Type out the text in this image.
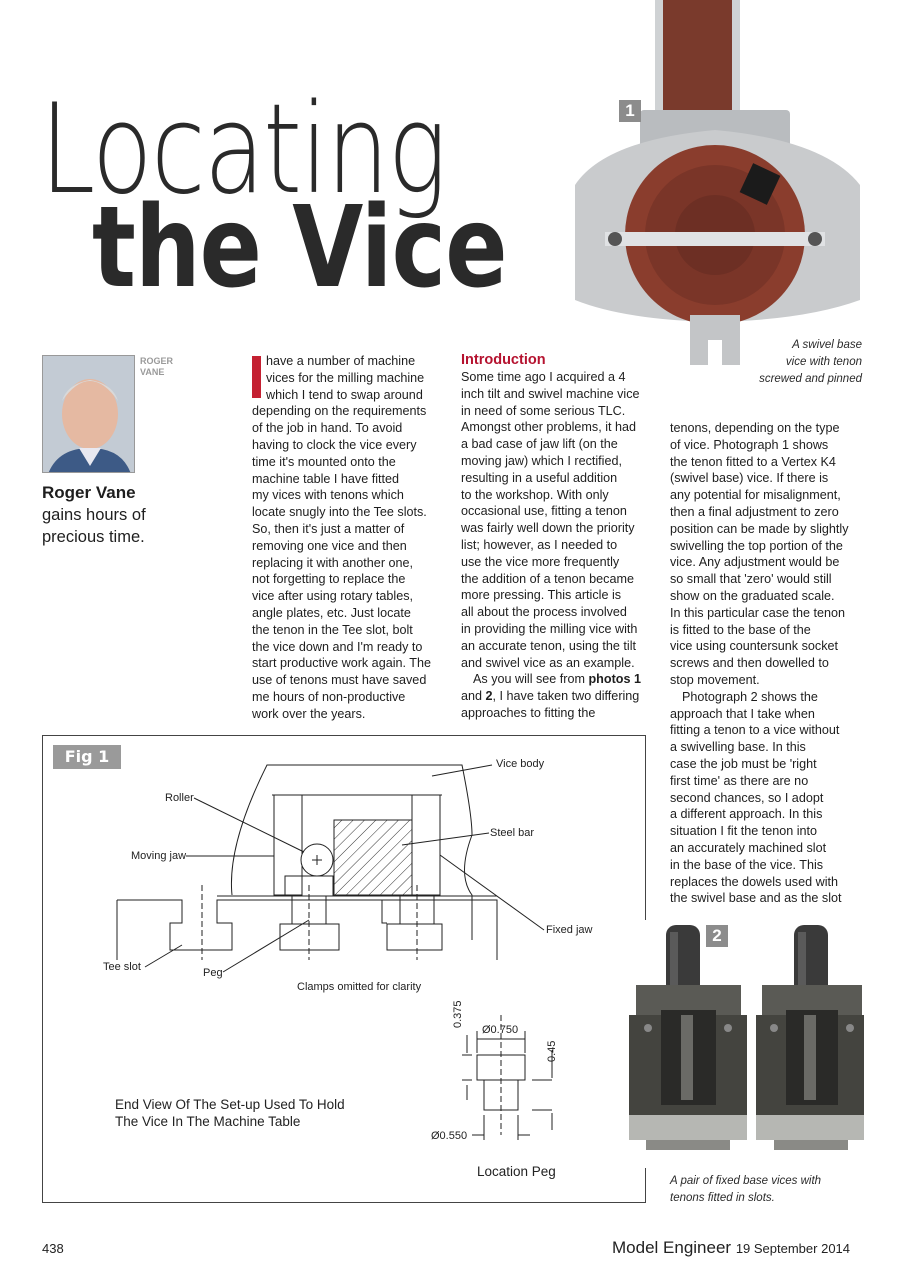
Locating
the Vice
1
A swivel base
vice with tenon
screwed and pinned
ROGER
VANE
Roger Vane
gains hours of
precious time.
have a number of machine
vices for the milling machine
which I tend to swap around
depending on the requirements
of the job in hand. To avoid
having to clock the vice every
time it's mounted onto the
machine table I have fitted
my vices with tenons which
locate snugly into the Tee slots.
So, then it's just a matter of
removing one vice and then
replacing it with another one,
not forgetting to replace the
vice after using rotary tables,
angle plates, etc. Just locate
the tenon in the Tee slot, bolt
the vice down and I'm ready to
start productive work again. The
use of tenons must have saved
me hours of non-productive
work over the years.
Introduction
Some time ago I acquired a 4
inch tilt and swivel machine vice
in need of some serious TLC.
Amongst other problems, it had
a bad case of jaw lift (on the
moving jaw) which I rectified,
resulting in a useful addition
to the workshop. With only
occasional use, fitting a tenon
was fairly well down the priority
list; however, as I needed to
use the vice more frequently
the addition of a tenon became
more pressing. This article is
all about the process involved
in providing the milling vice with
an accurate tenon, using the tilt
and swivel vice as an example.
As you will see from photos 1
and 2, I have taken two differing
approaches to fitting the
tenons, depending on the type
of vice. Photograph 1 shows
the tenon fitted to a Vertex K4
(swivel base) vice. If there is
any potential for misalignment,
then a final adjustment to zero
position can be made by slightly
swivelling the top portion of the
vice. Any adjustment would be
so small that 'zero' would still
show on the graduated scale.
In this particular case the tenon
is fitted to the base of the
vice using countersunk socket
screws and then dowelled to
stop movement.
Photograph 2 shows the
approach that I take when
fitting a tenon to a vice without
a swivelling base. In this
case the job must be 'right
first time' as there are no
second chances, so I adopt
a different approach. In this
situation I fit the tenon into
an accurately machined slot
in the base of the vice. This
replaces the dowels used with
the swivel base and as the slot
Fig 1	Vice body
Roller
Steel bar
Moving jaw
Fixed jaw
Tee slot	Peg
Clamps omitted for clarity
0.375
Ø0.750
0.45
Ø0.550
End View Of The Set-up Used To Hold
The Vice In The Machine Table
Location Peg
2
A pair of fixed base vices with
tenons fitted in slots.
438	Model Engineer 19 September 2014
